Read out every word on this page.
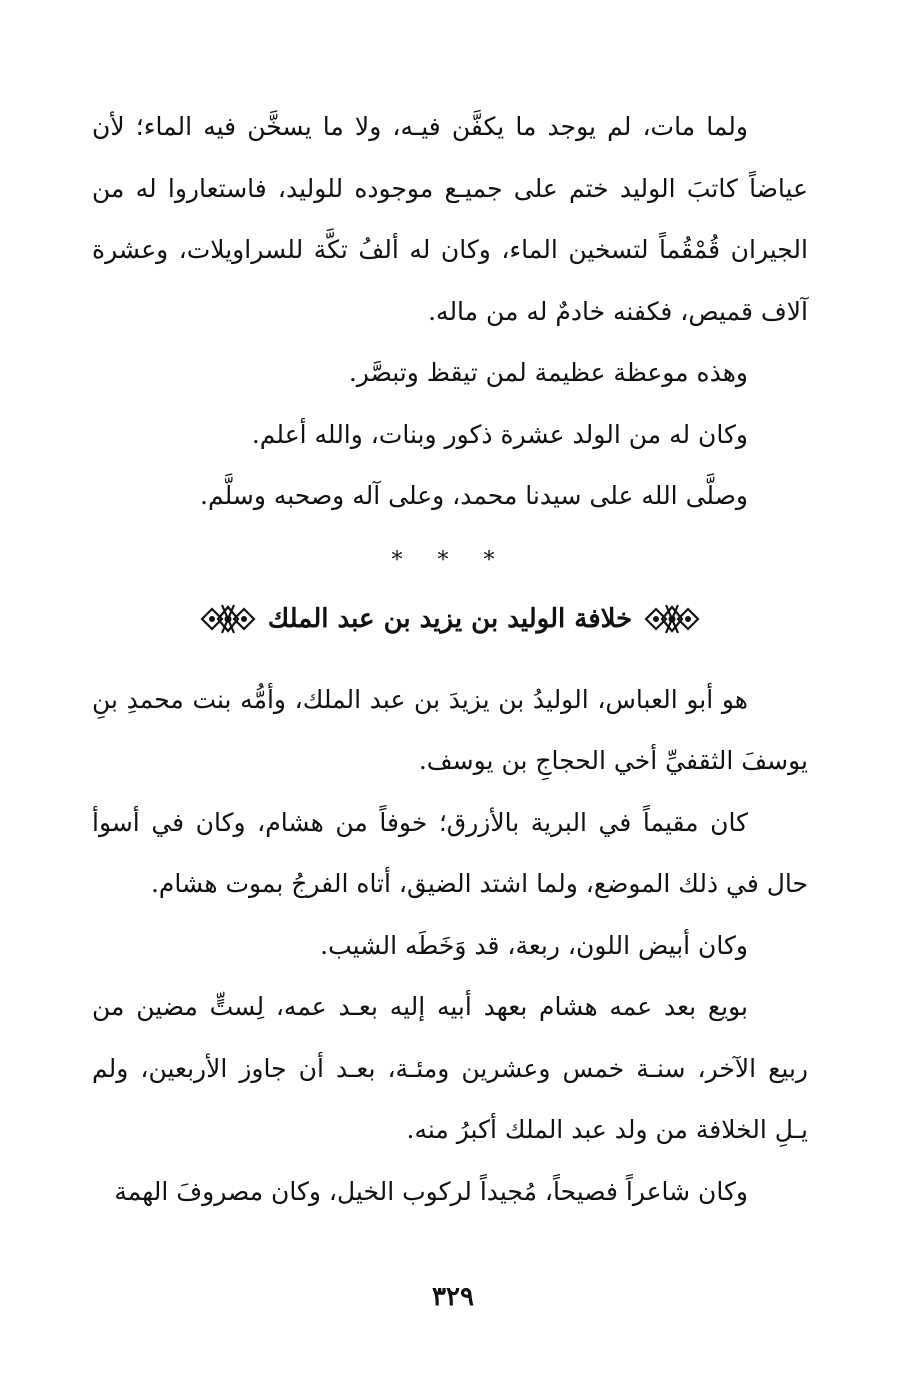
ولما مات، لم يوجد ما يكفَّن فيـه، ولا ما يسخَّن فيه الماء؛ لأن عياضاً كاتبَ الوليد ختم على جميـع موجوده للوليد، فاستعاروا له من الجيران قُمْقُماً لتسخين الماء، وكان له ألفُ تكَّة للسراويلات، وعشرة آلاف قميص، فكفنه خادمٌ له من ماله.

وهذه موعظة عظيمة لمن تيقظ وتبصَّر.

وكان له من الولد عشرة ذكور وبنات، والله أعلم.

وصلَّى الله على سيدنا محمد، وعلى آله وصحبه وسلَّم.

* * *
خلافة الوليد بن يزيد بن عبد الملك

هو أبو العباس، الوليدُ بن يزيدَ بن عبد الملك، وأمُّه بنت محمدِ بنِ يوسفَ الثقفيِّ أخي الحجاجِ بن يوسف.

كان مقيماً في البرية بالأزرق؛ خوفاً من هشام، وكان في أسوأ حال في ذلك الموضع، ولما اشتد الضيق، أتاه الفرجُ بموت هشام.

وكان أبيض اللون، ربعة، قد وَخَطَه الشيب.

بويع بعد عمه هشام بعهد أبيه إليه بعـد عمه، لِستٍّ مضين من ربيع الآخر، سنـة خمس وعشرين ومئـة، بعـد أن جاوز الأربعين، ولم يـلِ الخلافة من ولد عبد الملك أكبرُ منه.

وكان شاعراً فصيحاً، مُجيداً لركوب الخيل، وكان مصروفَ الهمة

٣٢٩
